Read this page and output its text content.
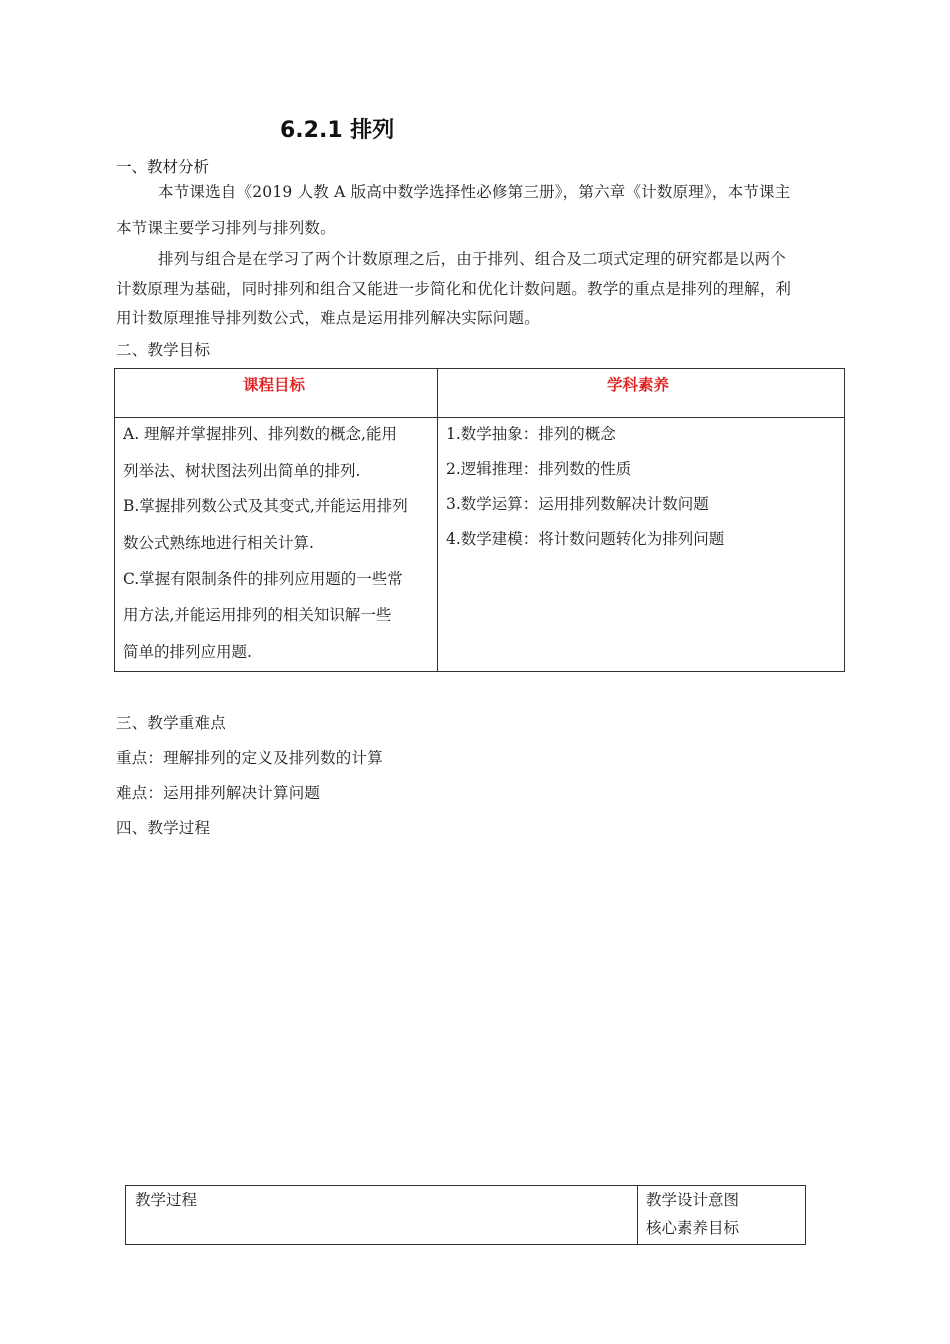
6.2.1 排列
一、教材分析
本节课选自《2019 人教 A 版高中数学选择性必修第三册》，第六章《计数原理》，本节课主
本节课主要学习排列与排列数。
排列与组合是在学习了两个计数原理之后，由于排列、组合及二项式定理的研究都是以两个
计数原理为基础，同时排列和组合又能进一步简化和优化计数问题。教学的重点是排列的理解，利
用计数原理推导排列数公式，难点是运用排列解决实际问题。
二、教学目标
课程目标	学科素养
A. 理解并掌握排列、排列数的概念,能用
列举法、树状图法列出简单的排列.
B.掌握排列数公式及其变式,并能运用排列
数公式熟练地进行相关计算.
C.掌握有限制条件的排列应用题的一些常
用方法,并能运用排列的相关知识解一些
简单的排列应用题.
1.数学抽象：排列的概念
2.逻辑推理：排列数的性质
3.数学运算：运用排列数解决计数问题
4.数学建模：将计数问题转化为排列问题
三、教学重难点
重点：理解排列的定义及排列数的计算
难点：运用排列解决计算问题
四、教学过程
教学过程	教学设计意图
核心素养目标
